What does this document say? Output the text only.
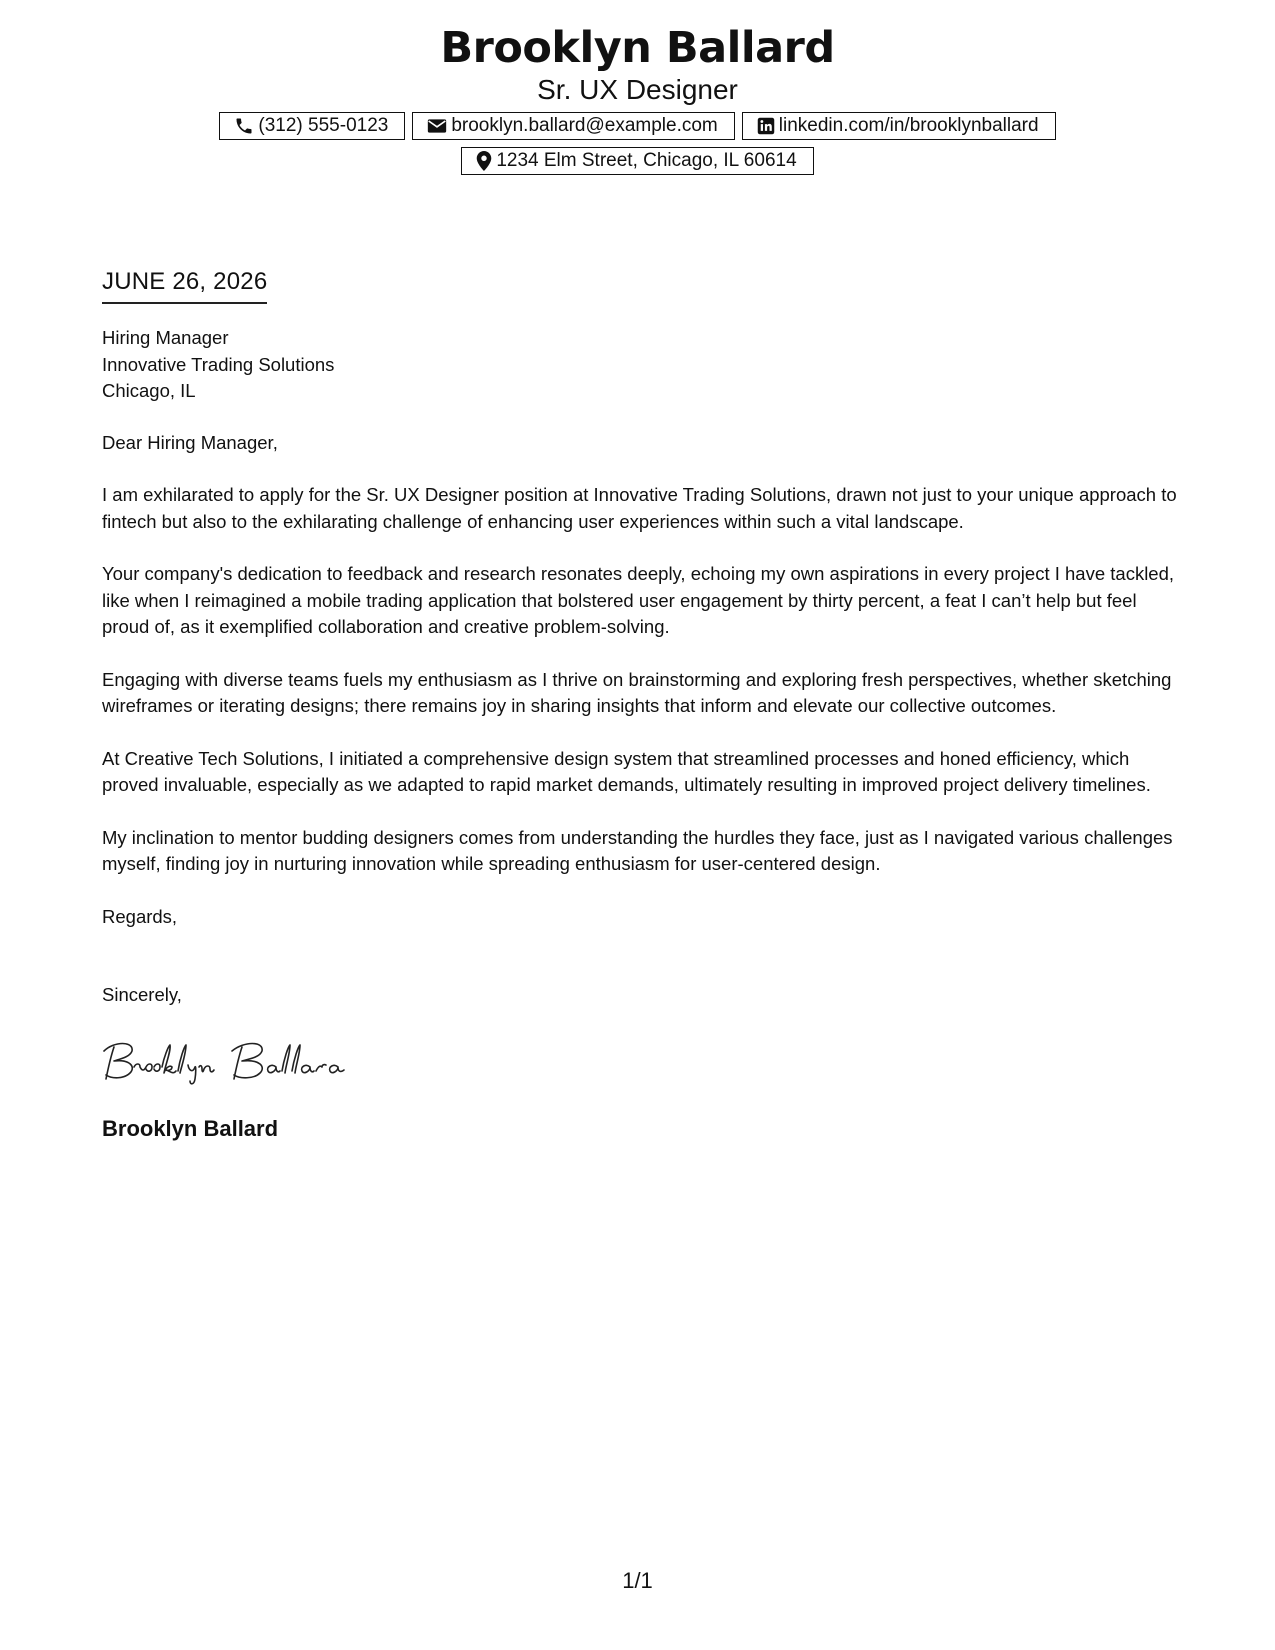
Brooklyn Ballard

Sr. UX Designer

(312) 555-0123	brooklyn.ballard@example.com	linkedin.com/in/brooklynballard
1234 Elm Street, Chicago, IL 60614
JUNE 26, 2026

Hiring Manager

Innovative Trading Solutions

Chicago, IL

Dear Hiring Manager,

I am exhilarated to apply for the Sr. UX Designer position at Innovative Trading Solutions, drawn not just to your unique approach to fintech but also to the exhilarating challenge of enhancing user experiences within such a vital landscape.

Your company's dedication to feedback and research resonates deeply, echoing my own aspirations in every project I have tackled, like when I reimagined a mobile trading application that bolstered user engagement by thirty percent, a feat I can’t help but feel proud of, as it exemplified collaboration and creative problem-solving.

Engaging with diverse teams fuels my enthusiasm as I thrive on brainstorming and exploring fresh perspectives, whether sketching wireframes or iterating designs; there remains joy in sharing insights that inform and elevate our collective outcomes.

At Creative Tech Solutions, I initiated a comprehensive design system that streamlined processes and honed efficiency, which proved invaluable, especially as we adapted to rapid market demands, ultimately resulting in improved project delivery timelines.

My inclination to mentor budding designers comes from understanding the hurdles they face, just as I navigated various challenges myself, finding joy in nurturing innovation while spreading enthusiasm for user-centered design.

Regards,

Sincerely,

Brooklyn Ballard
1/1
